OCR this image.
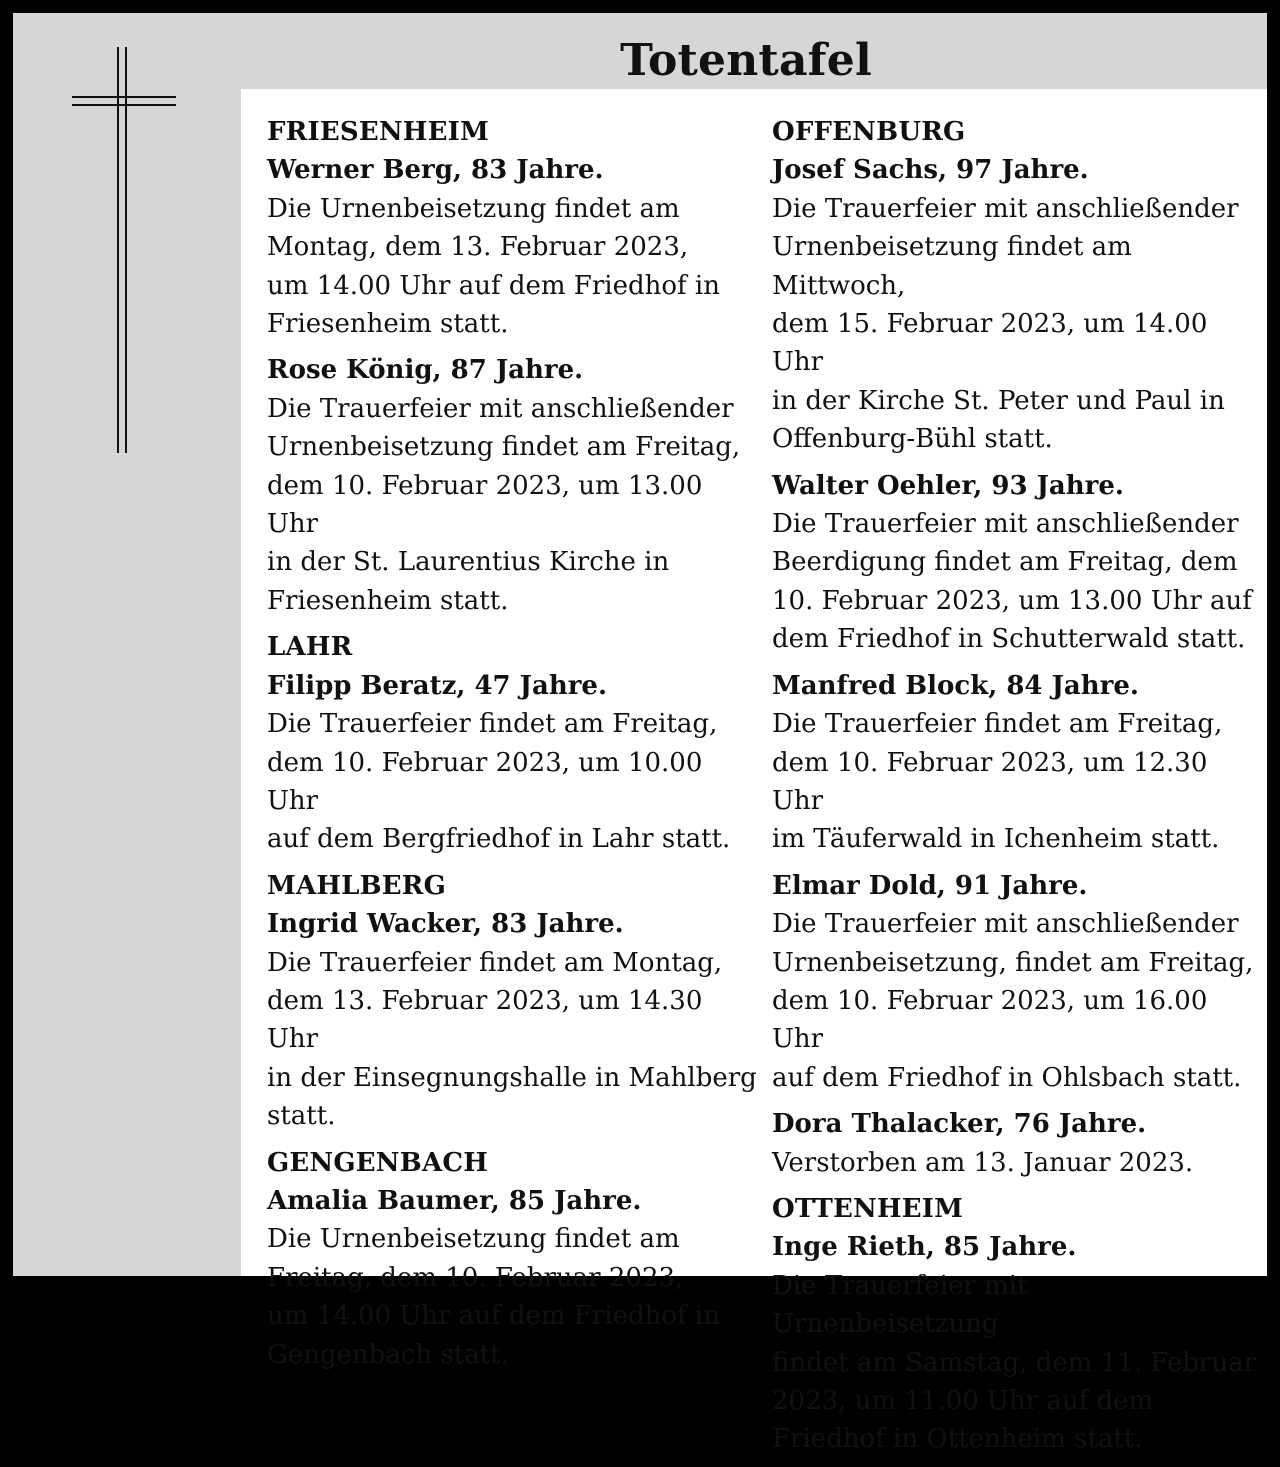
Totentafel

FRIESENHEIM

Werner Berg, 83 Jahre.

Die Urnenbeisetzung findet am

Montag, dem 13. Februar 2023,

um 14.00 Uhr auf dem Friedhof in

Friesenheim statt.

Rose König, 87 Jahre.

Die Trauerfeier mit anschließender

Urnenbeisetzung findet am Freitag,

dem 10. Februar 2023, um 13.00 Uhr

in der St. Laurentius Kirche in

Friesenheim statt.

LAHR

Filipp Beratz, 47 Jahre.

Die Trauerfeier findet am Freitag,

dem 10. Februar 2023, um 10.00 Uhr

auf dem Bergfriedhof in Lahr statt.

MAHLBERG

Ingrid Wacker, 83 Jahre.

Die Trauerfeier findet am Montag,

dem 13. Februar 2023, um 14.30 Uhr

in der Einsegnungshalle in Mahlberg

statt.

GENGENBACH

Amalia Baumer, 85 Jahre.

Die Urnenbeisetzung findet am

Freitag, dem 10. Februar 2023,

um 14.00 Uhr auf dem Friedhof in

Gengenbach statt.

OFFENBURG

Josef Sachs, 97 Jahre.

Die Trauerfeier mit anschließender

Urnenbeisetzung findet am Mittwoch,

dem 15. Februar 2023, um 14.00 Uhr

in der Kirche St. Peter und Paul in

Offenburg-Bühl statt.

Walter Oehler, 93 Jahre.

Die Trauerfeier mit anschließender

Beerdigung findet am Freitag, dem

10. Februar 2023, um 13.00 Uhr auf

dem Friedhof in Schutterwald statt.

Manfred Block, 84 Jahre.

Die Trauerfeier findet am Freitag,

dem 10. Februar 2023, um 12.30 Uhr

im Täuferwald in Ichenheim statt.

Elmar Dold, 91 Jahre.

Die Trauerfeier mit anschließender

Urnenbeisetzung, findet am Freitag,

dem 10. Februar 2023, um 16.00 Uhr

auf dem Friedhof in Ohlsbach statt.

Dora Thalacker, 76 Jahre.

Verstorben am 13. Januar 2023.

OTTENHEIM

Inge Rieth, 85 Jahre.

Die Trauerfeier mit Urnenbeisetzung

findet am Samstag, dem 11. Februar

2023, um 11.00 Uhr auf dem

Friedhof in Ottenheim statt.
